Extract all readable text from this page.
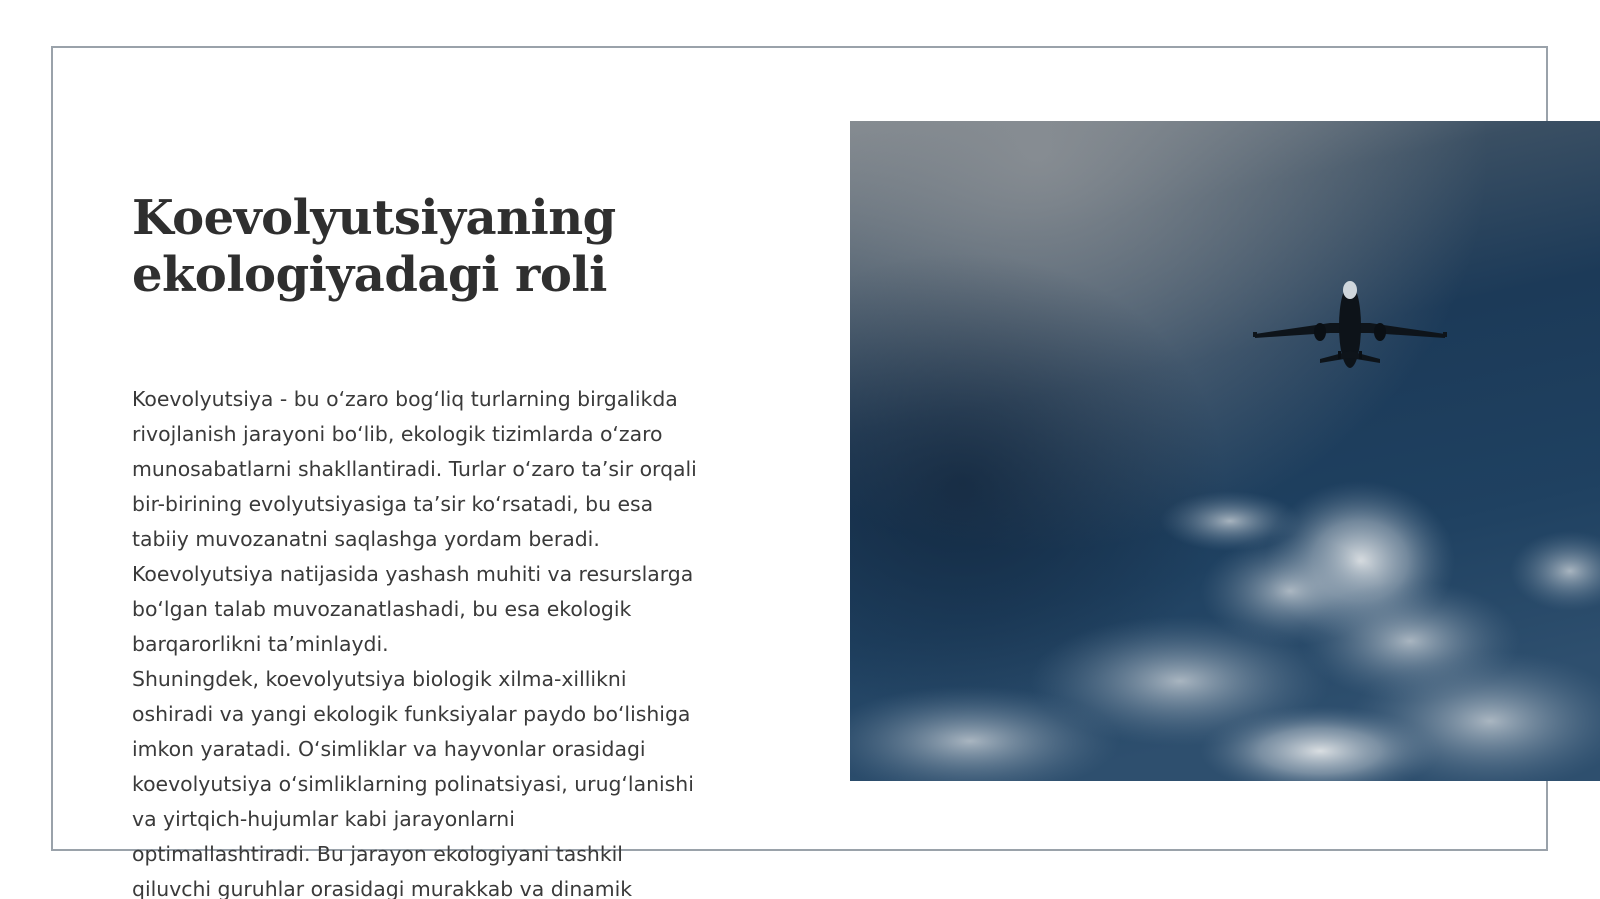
Koevolyutsiyaning
ekologiyadagi roli

Koevolyutsiya - bu o‘zaro bog‘liq turlarning birgalikda
rivojlanish jarayoni bo‘lib, ekologik tizimlarda o‘zaro
munosabatlarni shakllantiradi. Turlar o‘zaro ta’sir orqali
bir-birining evolyutsiyasiga ta’sir ko‘rsatadi, bu esa
tabiiy muvozanatni saqlashga yordam beradi.
Koevolyutsiya natijasida yashash muhiti va resurslarga
bo‘lgan talab muvozanatlashadi, bu esa ekologik
barqarorlikni ta’minlaydi.

Shuningdek, koevolyutsiya biologik xilma-xillikni
oshiradi va yangi ekologik funksiyalar paydo bo‘lishiga
imkon yaratadi. O‘simliklar va hayvonlar orasidagi
koevolyutsiya o‘simliklarning polinatsiyasi, urug‘lanishi
va yirtqich-hujumlar kabi jarayonlarni
optimallashtiradi. Bu jarayon ekologiyani tashkil
qiluvchi guruhlar orasidagi murakkab va dinamik
